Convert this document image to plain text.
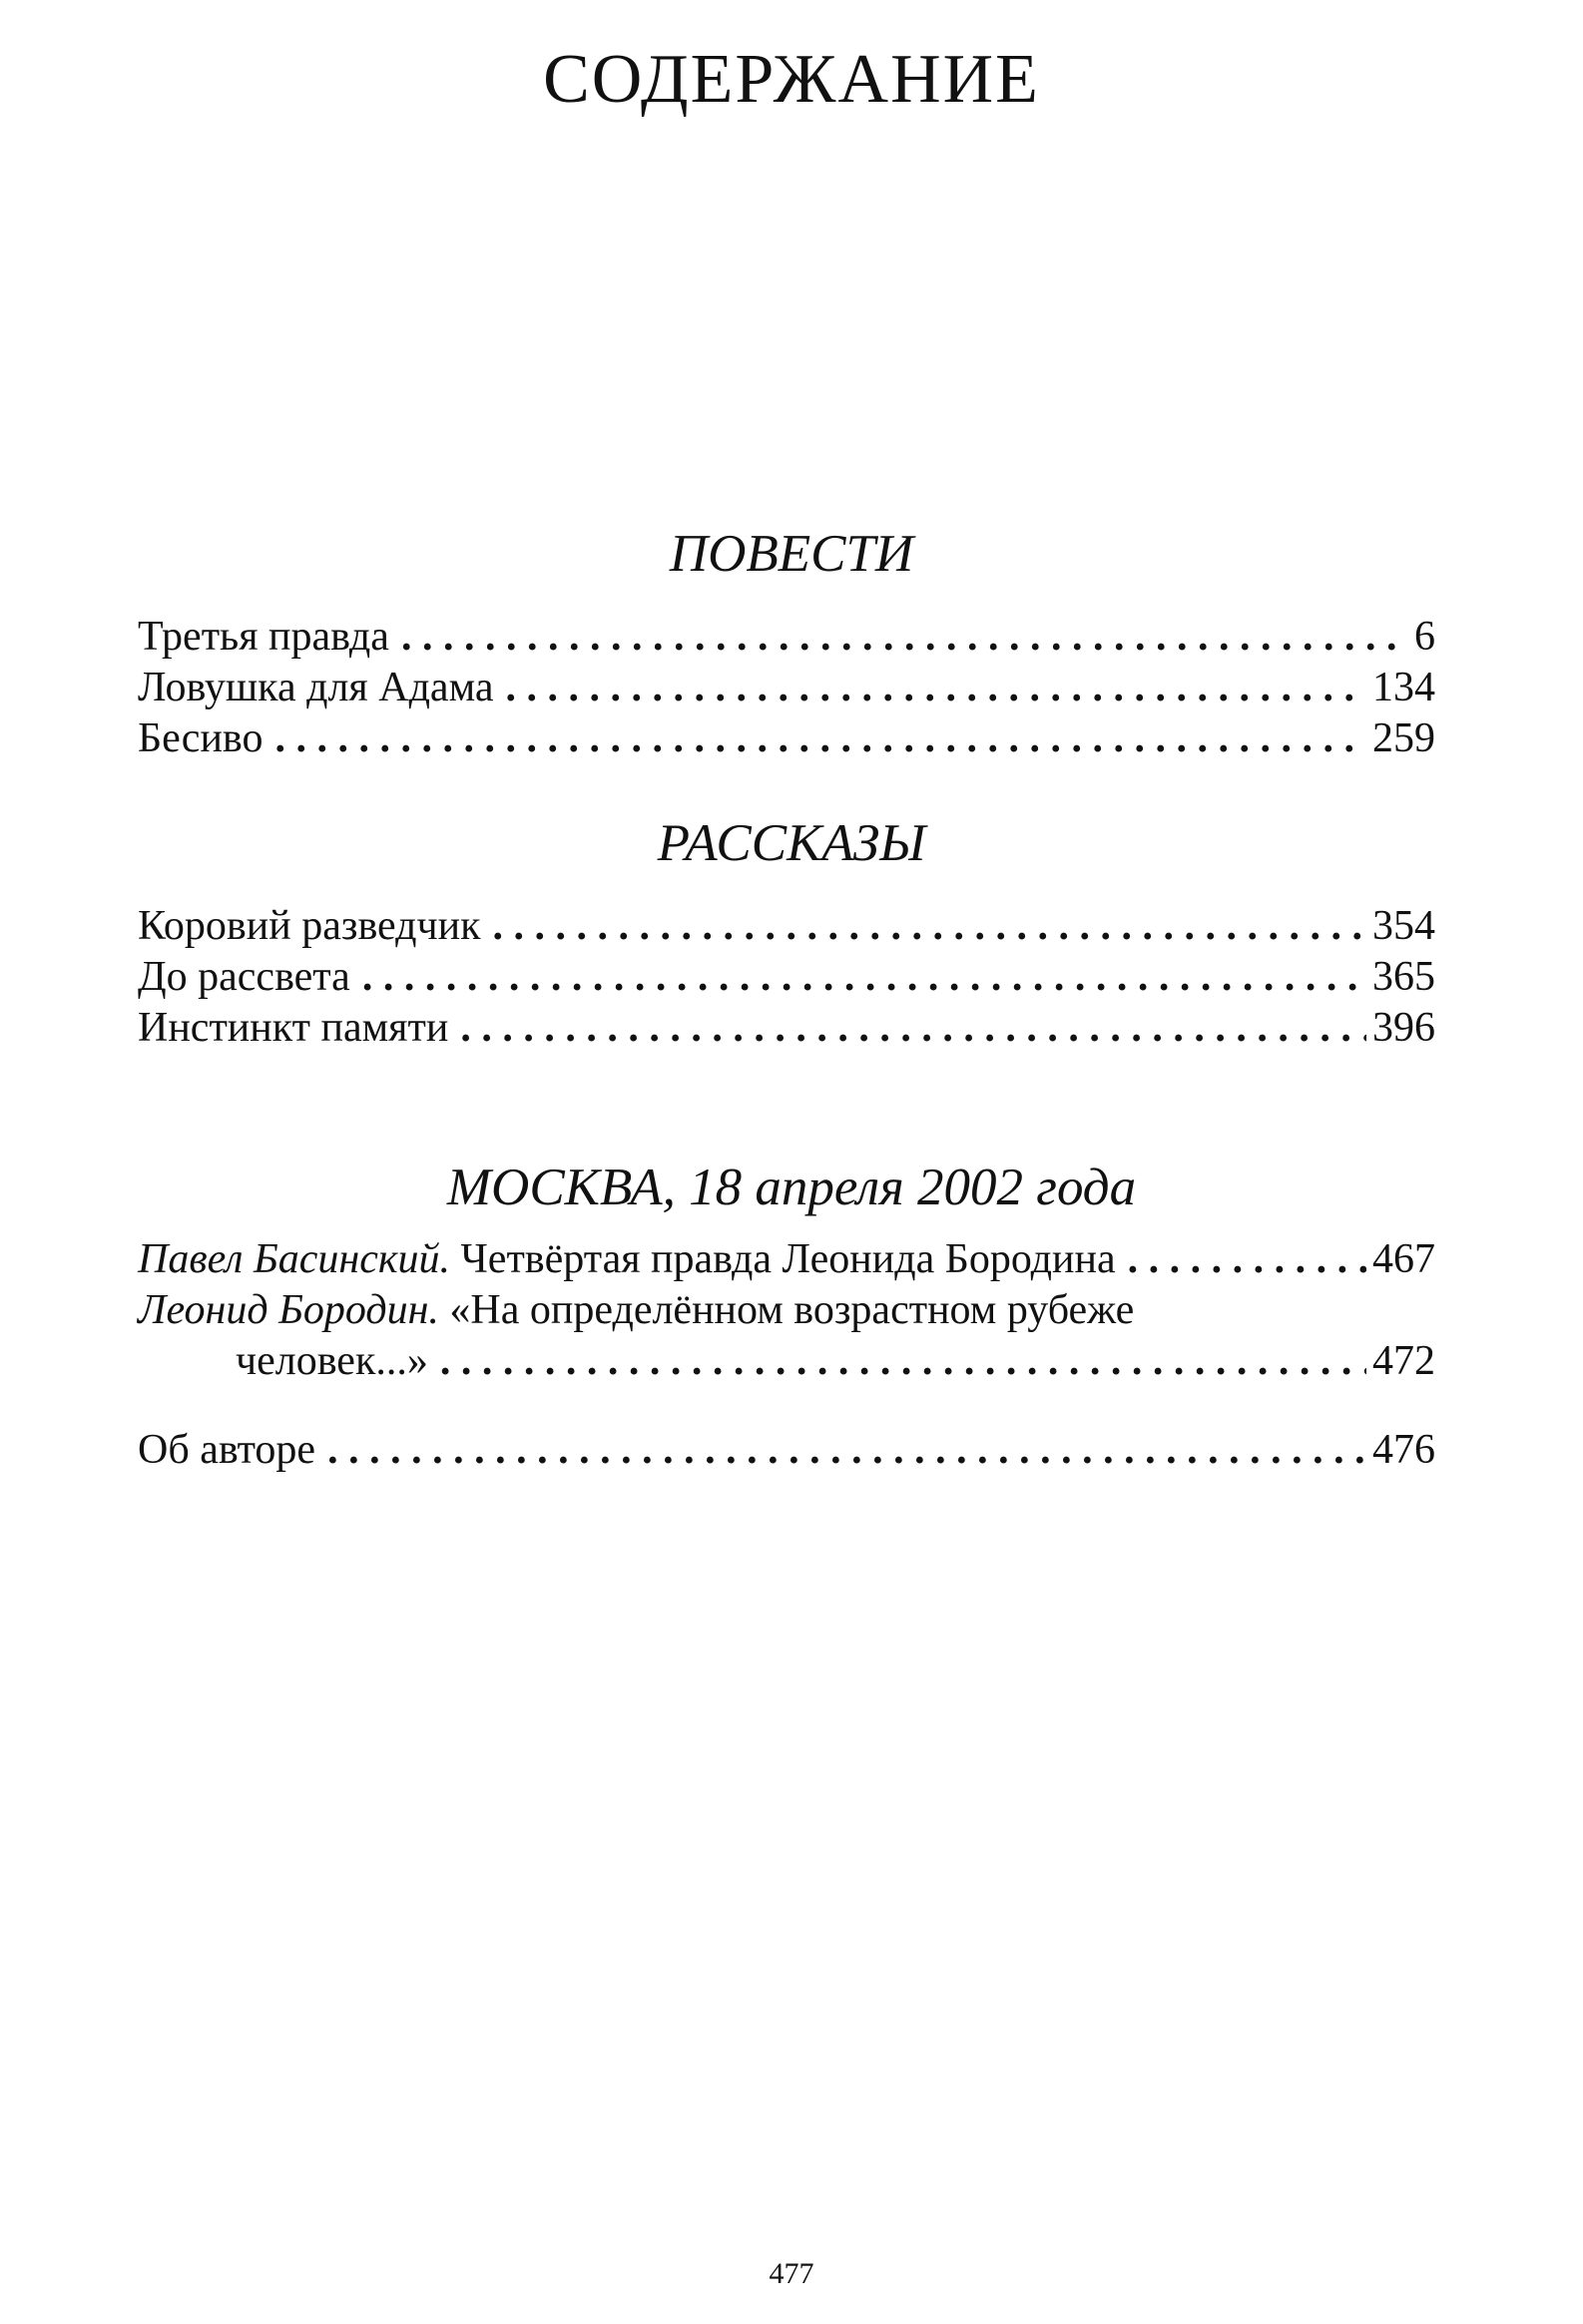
СОДЕРЖАНИЕ
ПОВЕСТИ
Третья правда . . .	6
Ловушка для Адама . . .	134
Бесиво . . .	259
РАССКАЗЫ
Коровий разведчик . . .	354
До рассвета . . .	365
Инстинкт памяти . . .	396
МОСКВА, 18 апреля 2002 года
Павел Басинский. Четвёртая правда Леонида Бородина . . .	467
Леонид Бородин. «На определённом возрастном рубеже
человек...» . . .	472
Об авторе . . .	476
477
